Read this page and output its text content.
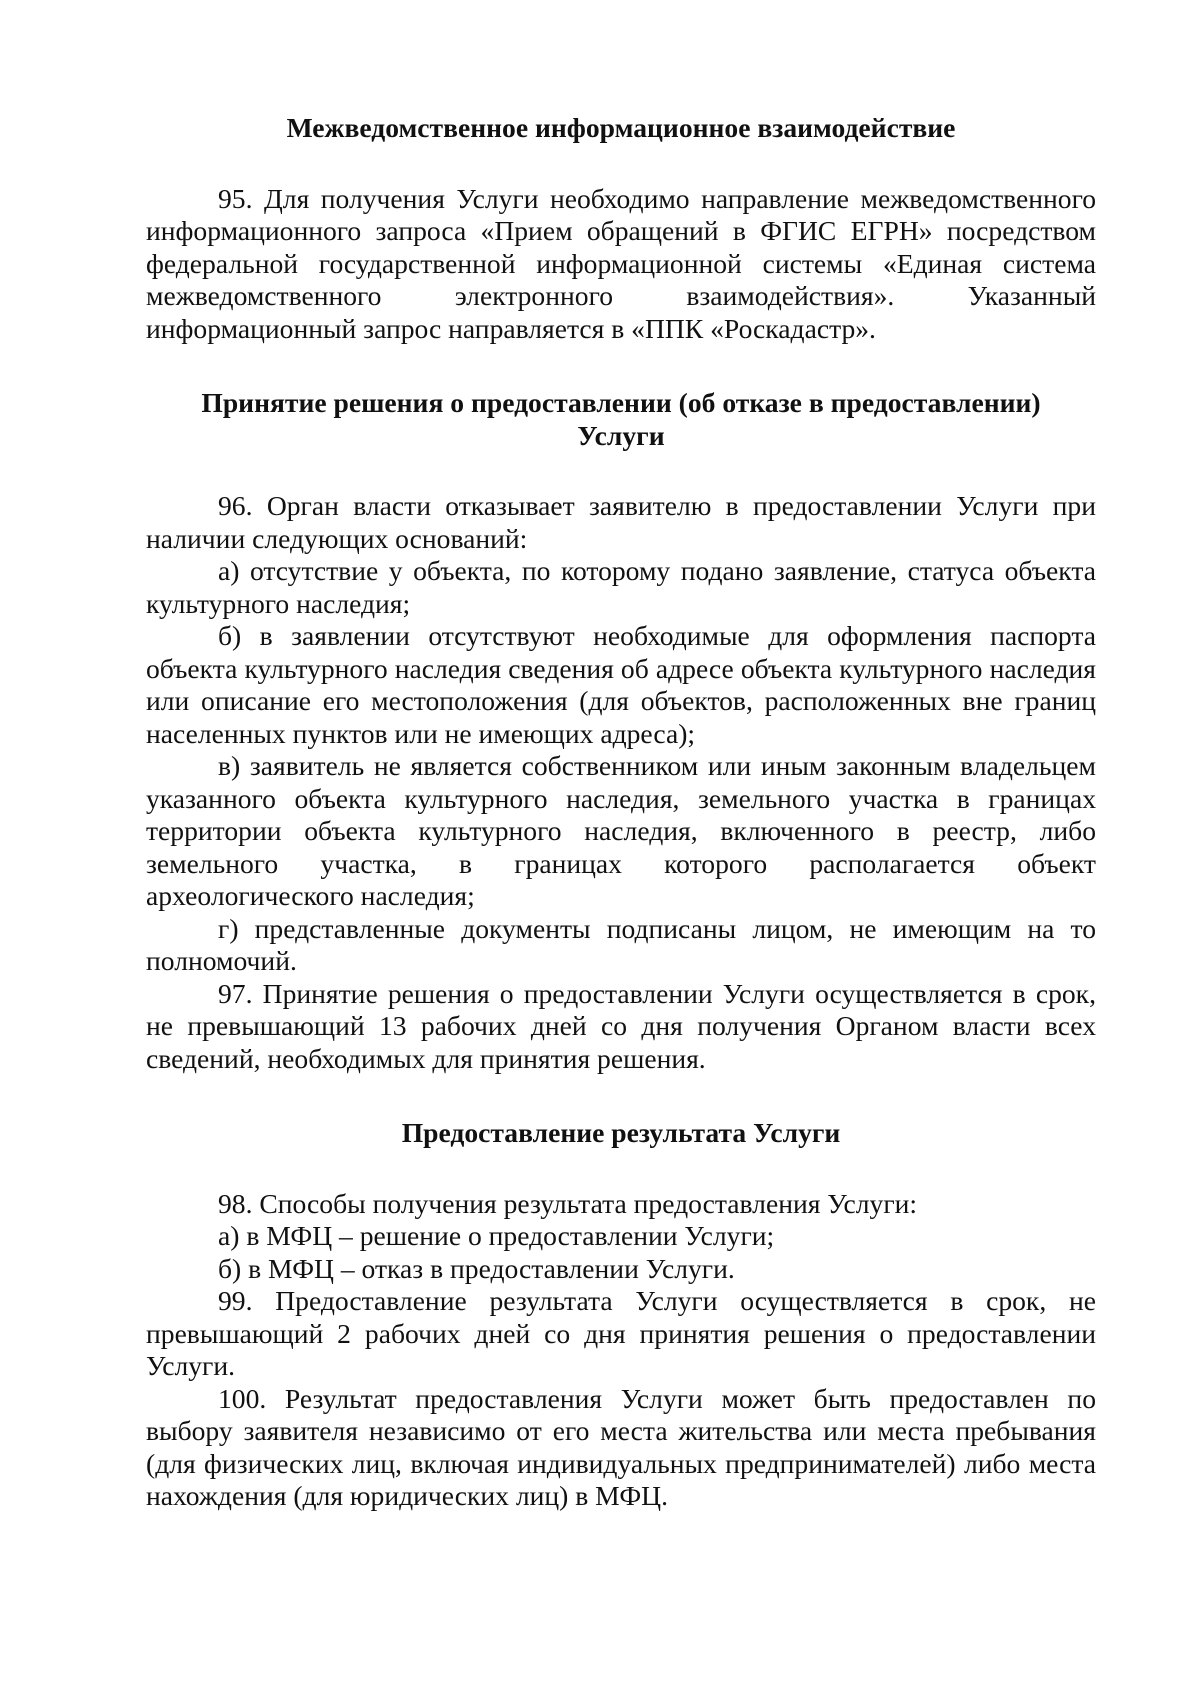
Межведомственное информационное взаимодействие

95. Для получения Услуги необходимо направление межведомственного информационного запроса «Прием обращений в ФГИС ЕГРН» посредством федеральной государственной информационной системы «Единая система межведомственного электронного взаимодействия». Указанный информационный запрос направляется в «ППК «Роскадастр».

Принятие решения о предоставлении (об отказе в предоставлении)
Услуги

96. Орган власти отказывает заявителю в предоставлении Услуги при наличии следующих оснований:

а) отсутствие у объекта, по которому подано заявление, статуса объекта культурного наследия;

б) в заявлении отсутствуют необходимые для оформления паспорта объекта культурного наследия сведения об адресе объекта культурного наследия или описание его местоположения (для объектов, расположенных вне границ населенных пунктов или не имеющих адреса);

в) заявитель не является собственником или иным законным владельцем указанного объекта культурного наследия, земельного участка в границах территории объекта культурного наследия, включенного в реестр, либо земельного участка, в границах которого располагается объект археологического наследия;

г) представленные документы подписаны лицом, не имеющим на то полномочий.

97. Принятие решения о предоставлении Услуги осуществляется в срок, не превышающий 13 рабочих дней со дня получения Органом власти всех сведений, необходимых для принятия решения.

Предоставление результата Услуги

98. Способы получения результата предоставления Услуги:

а) в МФЦ – решение о предоставлении Услуги;

б) в МФЦ – отказ в предоставлении Услуги.

99. Предоставление результата Услуги осуществляется в срок, не превышающий 2 рабочих дней со дня принятия решения о предоставлении Услуги.

100. Результат предоставления Услуги может быть предоставлен по выбору заявителя независимо от его места жительства или места пребывания (для физических лиц, включая индивидуальных предпринимателей) либо места нахождения (для юридических лиц) в МФЦ.
